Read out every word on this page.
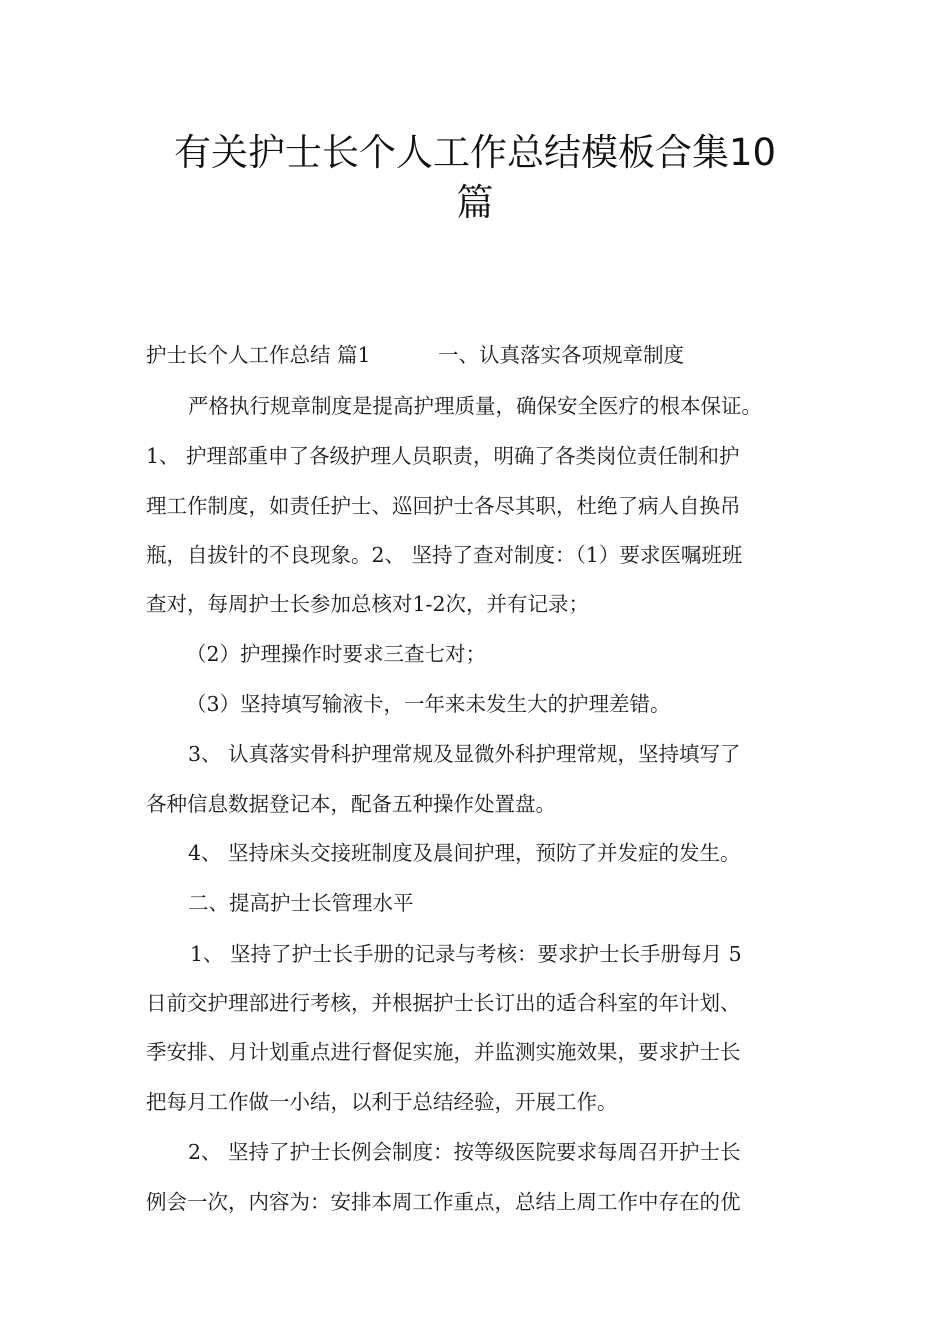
有关护士长个人工作总结模板合集10
篇
护士长个人工作总结 篇1	一、认真落实各项规章制度

严格执行规章制度是提高护理质量，确保安全医疗的根本保证。

1、 护理部重申了各级护理人员职责，明确了各类岗位责任制和护

理工作制度，如责任护士、巡回护士各尽其职，杜绝了病人自换吊

瓶，自拔针的不良现象。2、 坚持了查对制度：（1）要求医嘱班班

查对，每周护士长参加总核对1-2次，并有记录；

（2）护理操作时要求三查七对；

（3）坚持填写输液卡，一年来未发生大的护理差错。

3、 认真落实骨科护理常规及显微外科护理常规，坚持填写了

各种信息数据登记本，配备五种操作处置盘。

4、 坚持床头交接班制度及晨间护理，预防了并发症的发生。

二、提高护士长管理水平

1、 坚持了护士长手册的记录与考核：要求护士长手册每月 5

日前交护理部进行考核，并根据护士长订出的适合科室的年计划、

季安排、月计划重点进行督促实施，并监测实施效果，要求护士长

把每月工作做一小结，以利于总结经验，开展工作。

2、 坚持了护士长例会制度：按等级医院要求每周召开护士长

例会一次，内容为：安排本周工作重点，总结上周工作中存在的优
